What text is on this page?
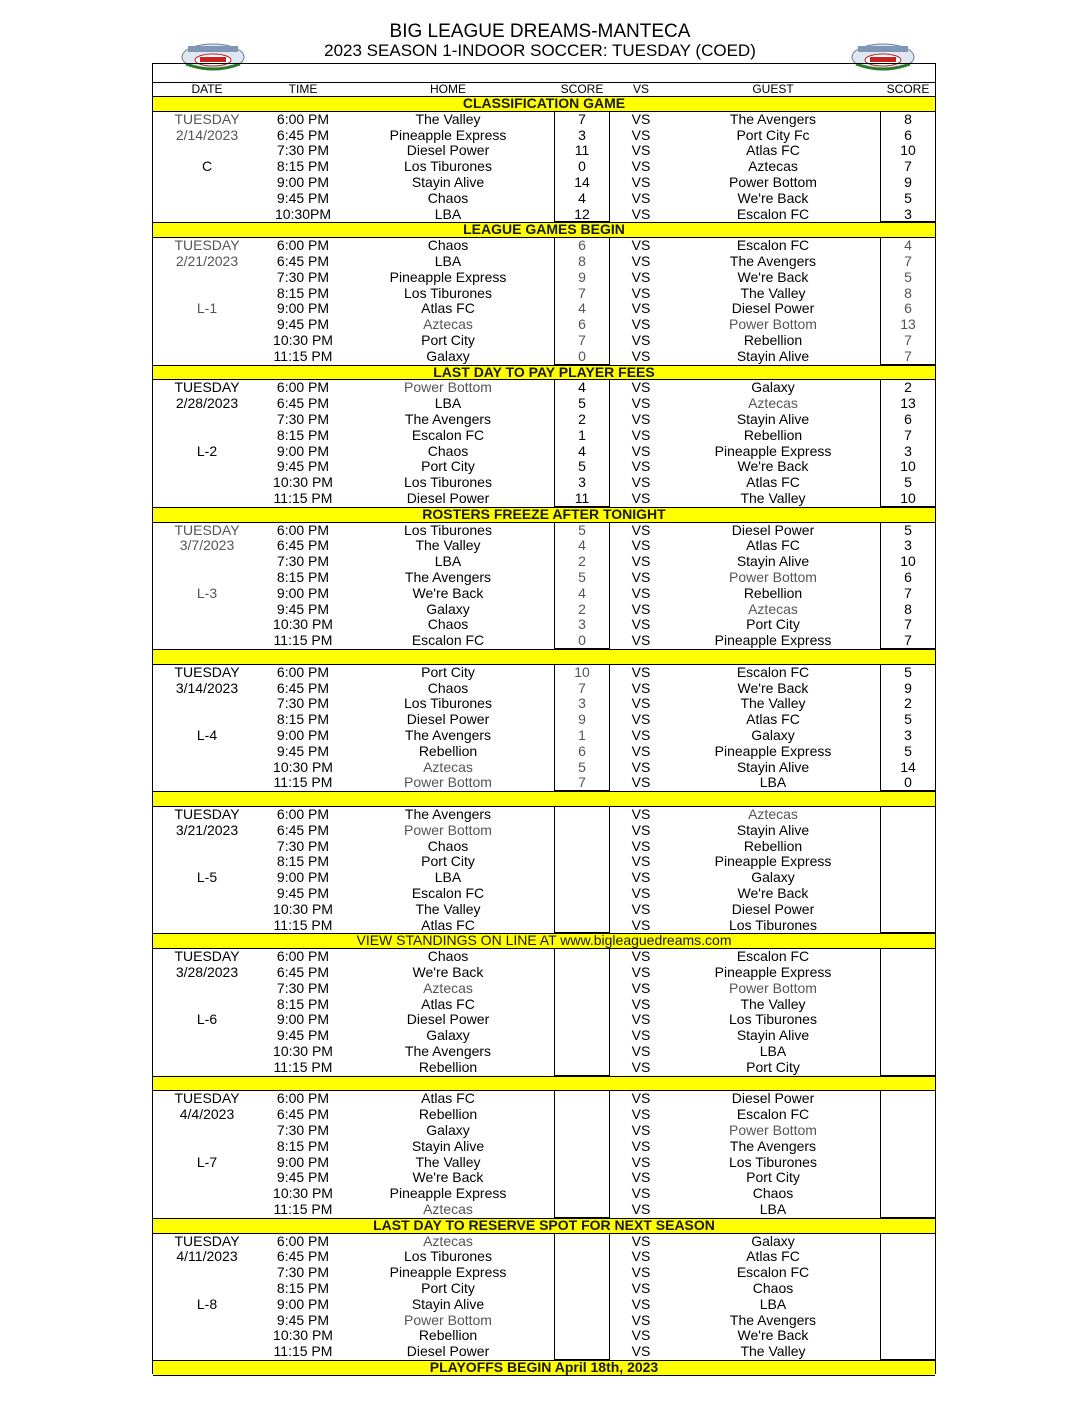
BIG LEAGUE DREAMS-MANTECA
2023 SEASON 1-INDOOR SOCCER: TUESDAY (COED)
DATE	TIME	HOME	SCORE	VS	GUEST	SCORE
CLASSIFICATION GAME
TUESDAY	6:00 PM	The Valley	7	VS	The Avengers	8
2/14/2023	6:45 PM	Pineapple Express	3	VS	Port City Fc	6
7:30 PM	Diesel Power	11	VS	Atlas FC	10
C	8:15 PM	Los Tiburones	0	VS	Aztecas	7
9:00 PM	Stayin Alive	14	VS	Power Bottom	9
9:45 PM	Chaos	4	VS	We're Back	5
10:30PM	LBA	12	VS	Escalon FC	3
LEAGUE GAMES BEGIN
TUESDAY	6:00 PM	Chaos	6	VS	Escalon FC	4
2/21/2023	6:45 PM	LBA	8	VS	The Avengers	7
7:30 PM	Pineapple Express	9	VS	We're Back	5
8:15 PM	Los Tiburones	7	VS	The Valley	8
L-1	9:00 PM	Atlas FC	4	VS	Diesel Power	6
9:45 PM	Aztecas	6	VS	Power Bottom	13
10:30 PM	Port City	7	VS	Rebellion	7
11:15 PM	Galaxy	0	VS	Stayin Alive	7
LAST DAY TO PAY PLAYER FEES
TUESDAY	6:00 PM	Power Bottom	4	VS	Galaxy	2
2/28/2023	6:45 PM	LBA	5	VS	Aztecas	13
7:30 PM	The Avengers	2	VS	Stayin Alive	6
8:15 PM	Escalon FC	1	VS	Rebellion	7
L-2	9:00 PM	Chaos	4	VS	Pineapple Express	3
9:45 PM	Port City	5	VS	We're Back	10
10:30 PM	Los Tiburones	3	VS	Atlas FC	5
11:15 PM	Diesel Power	11	VS	The Valley	10
ROSTERS FREEZE AFTER TONIGHT
TUESDAY	6:00 PM	Los Tiburones	5	VS	Diesel Power	5
3/7/2023	6:45 PM	The Valley	4	VS	Atlas FC	3
7:30 PM	LBA	2	VS	Stayin Alive	10
8:15 PM	The Avengers	5	VS	Power Bottom	6
L-3	9:00 PM	We're Back	4	VS	Rebellion	7
9:45 PM	Galaxy	2	VS	Aztecas	8
10:30 PM	Chaos	3	VS	Port City	7
11:15 PM	Escalon FC	0	VS	Pineapple Express	7
TUESDAY	6:00 PM	Port City	10	VS	Escalon FC	5
3/14/2023	6:45 PM	Chaos	7	VS	We're Back	9
7:30 PM	Los Tiburones	3	VS	The Valley	2
8:15 PM	Diesel Power	9	VS	Atlas FC	5
L-4	9:00 PM	The Avengers	1	VS	Galaxy	3
9:45 PM	Rebellion	6	VS	Pineapple Express	5
10:30 PM	Aztecas	5	VS	Stayin Alive	14
11:15 PM	Power Bottom	7	VS	LBA	0
TUESDAY	6:00 PM	The Avengers	VS	Aztecas
3/21/2023	6:45 PM	Power Bottom	VS	Stayin Alive
7:30 PM	Chaos	VS	Rebellion
8:15 PM	Port City	VS	Pineapple Express
L-5	9:00 PM	LBA	VS	Galaxy
9:45 PM	Escalon FC	VS	We're Back
10:30 PM	The Valley	VS	Diesel Power
11:15 PM	Atlas FC	VS	Los Tiburones
VIEW STANDINGS ON LINE AT www.bigleaguedreams.com
TUESDAY	6:00 PM	Chaos	VS	Escalon FC
3/28/2023	6:45 PM	We're Back	VS	Pineapple Express
7:30 PM	Aztecas	VS	Power Bottom
8:15 PM	Atlas FC	VS	The Valley
L-6	9:00 PM	Diesel Power	VS	Los Tiburones
9:45 PM	Galaxy	VS	Stayin Alive
10:30 PM	The Avengers	VS	LBA
11:15 PM	Rebellion	VS	Port City
TUESDAY	6:00 PM	Atlas FC	VS	Diesel Power
4/4/2023	6:45 PM	Rebellion	VS	Escalon FC
7:30 PM	Galaxy	VS	Power Bottom
8:15 PM	Stayin Alive	VS	The Avengers
L-7	9:00 PM	The Valley	VS	Los Tiburones
9:45 PM	We're Back	VS	Port City
10:30 PM	Pineapple Express	VS	Chaos
11:15 PM	Aztecas	VS	LBA
LAST DAY TO RESERVE SPOT FOR NEXT SEASON
TUESDAY	6:00 PM	Aztecas	VS	Galaxy
4/11/2023	6:45 PM	Los Tiburones	VS	Atlas FC
7:30 PM	Pineapple Express	VS	Escalon FC
8:15 PM	Port City	VS	Chaos
L-8	9:00 PM	Stayin Alive	VS	LBA
9:45 PM	Power Bottom	VS	The Avengers
10:30 PM	Rebellion	VS	We're Back
11:15 PM	Diesel Power	VS	The Valley
PLAYOFFS BEGIN April 18th, 2023
